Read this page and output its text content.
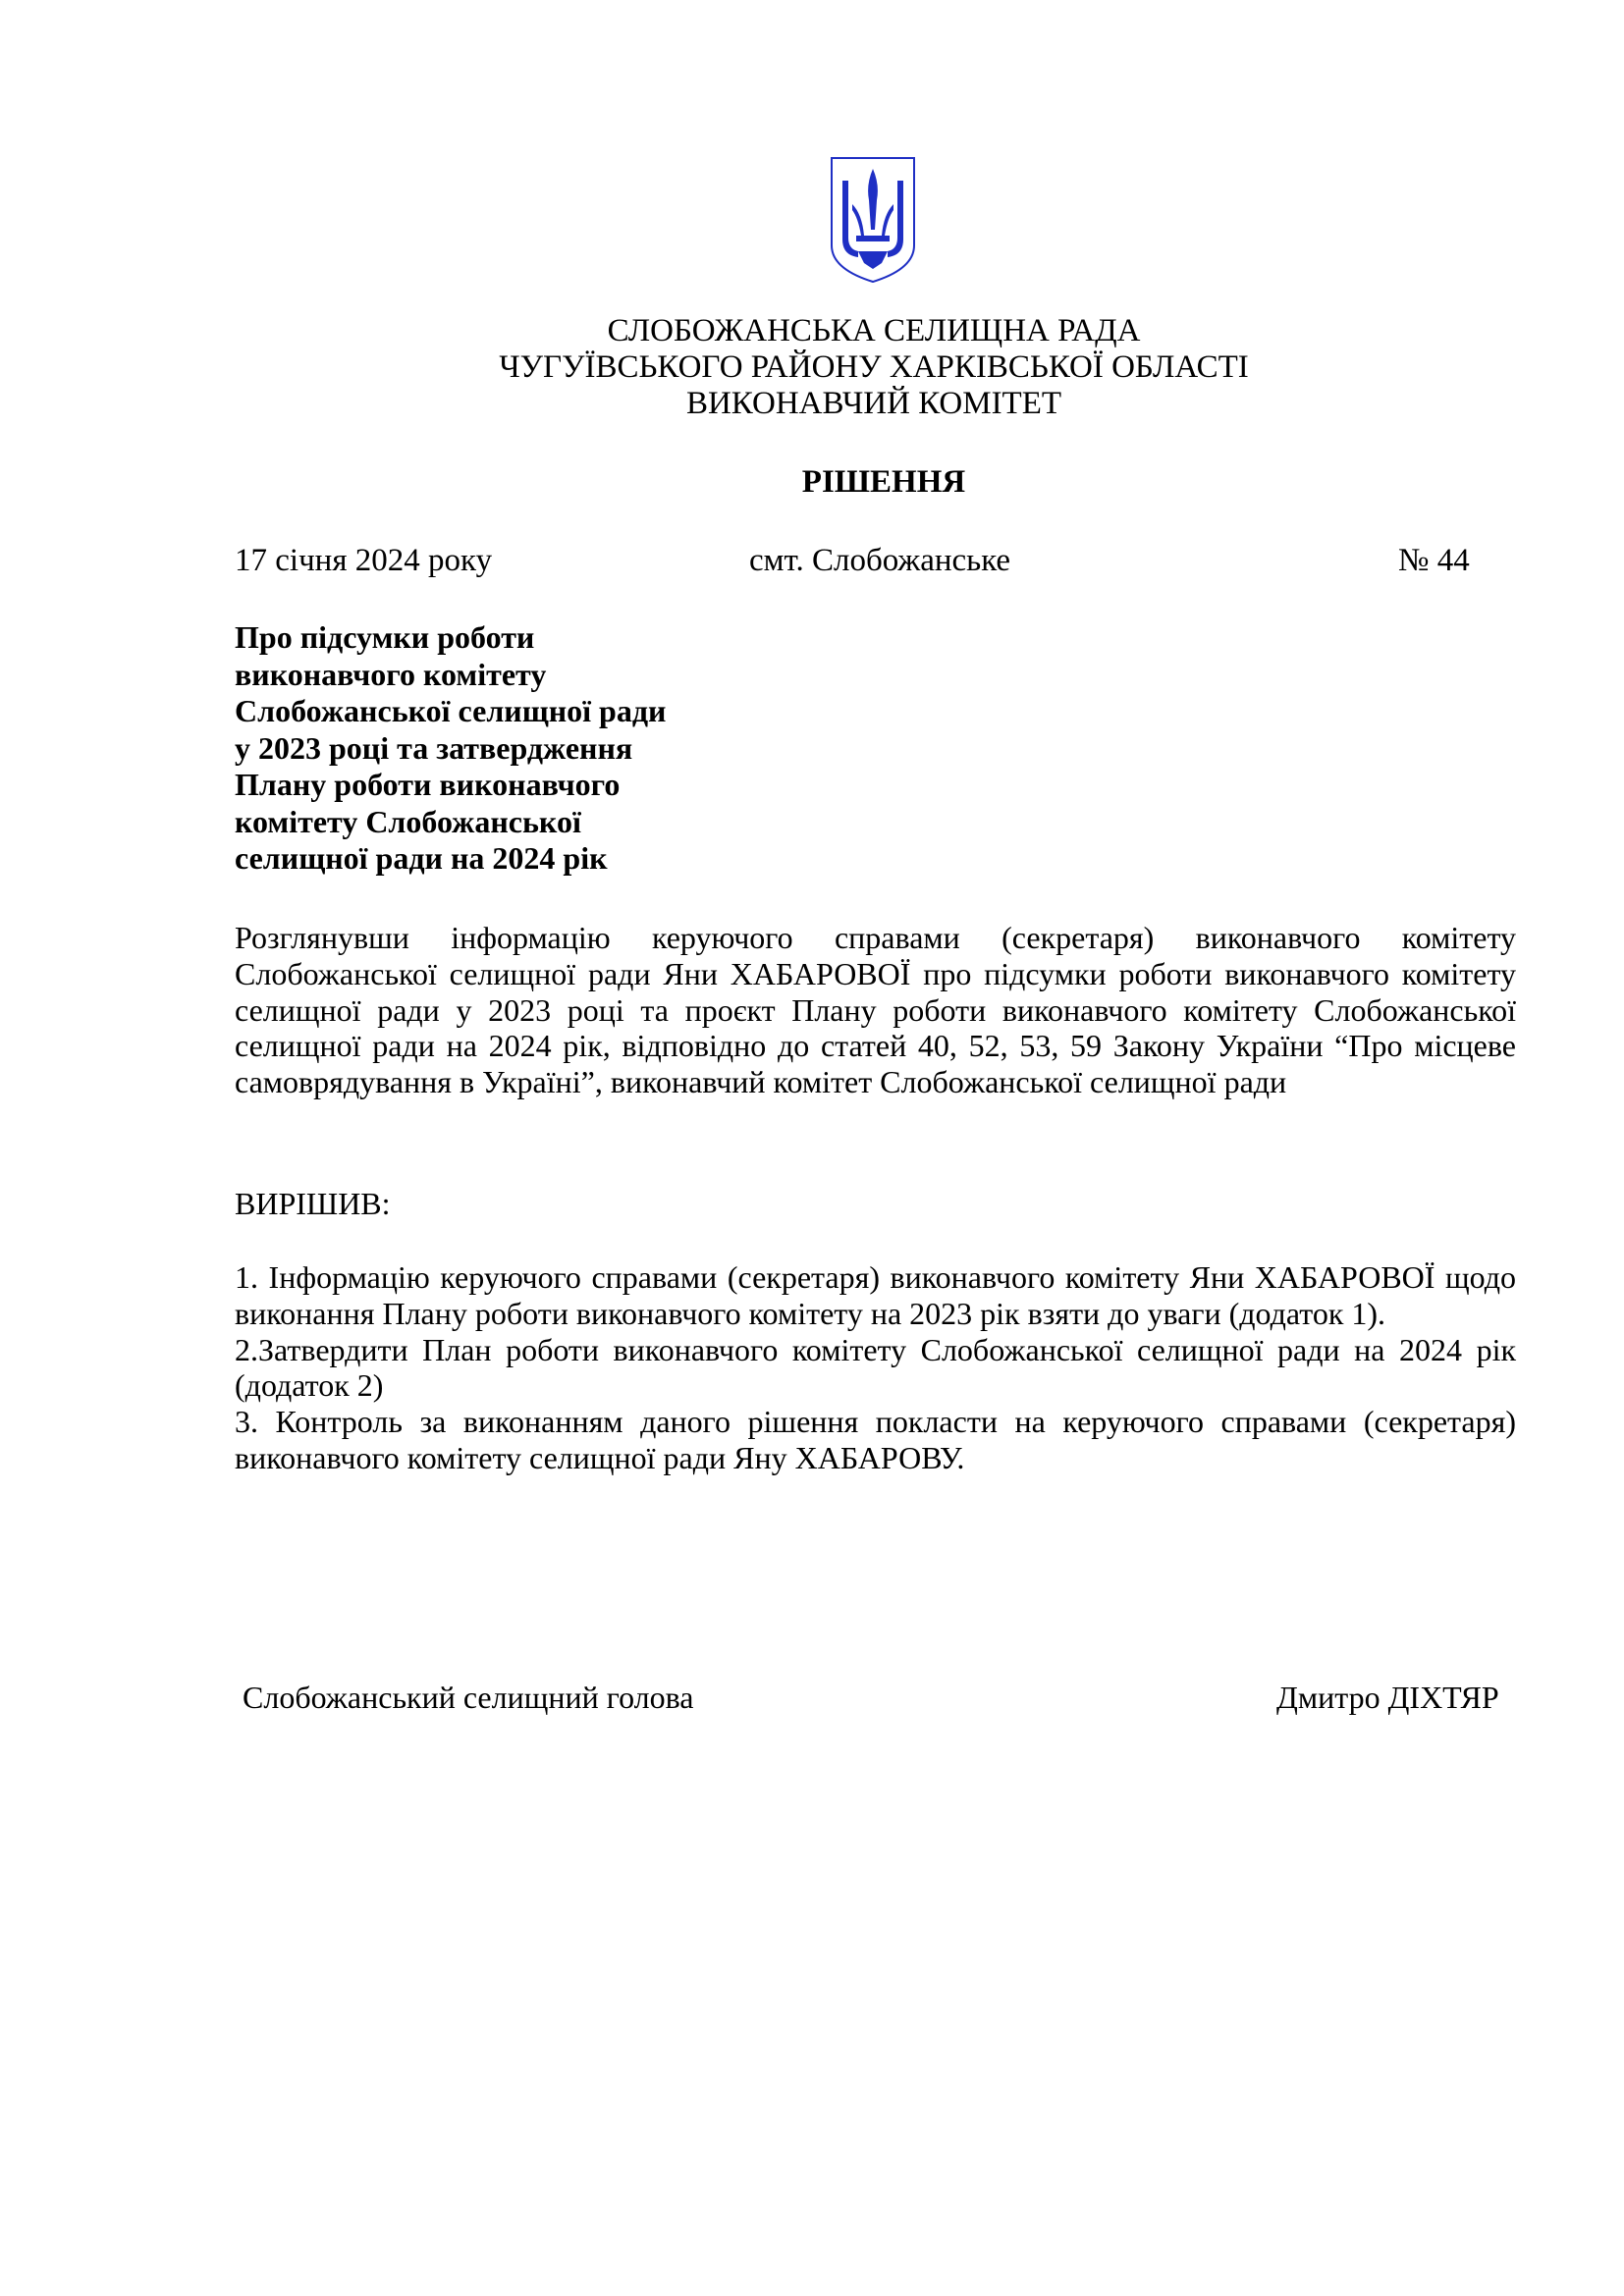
СЛОБОЖАНСЬКА СЕЛИЩНА РАДА
ЧУГУЇВСЬКОГО РАЙОНУ ХАРКІВСЬКОЇ ОБЛАСТІ
ВИКОНАВЧИЙ КОМІТЕТ
РІШЕННЯ
17 січня 2024 року	смт. Слобожанське	№ 44
Про підсумки роботи
виконавчого комітету
Слобожанської селищної ради
у 2023 році та затвердження
Плану роботи виконавчого
комітету Слобожанської
селищної ради на 2024 рік
Розглянувши інформацію керуючого справами (секретаря) виконавчого комітету Слобожанської селищної ради Яни ХАБАРОВОЇ про підсумки роботи виконавчого комітету селищної ради у 2023 році та проєкт Плану роботи виконавчого комітету Слобожанської селищної ради на 2024 рік, відповідно до статей 40, 52, 53, 59 Закону України “Про місцеве самоврядування в Україні”, виконавчий комітет Слобожанської селищної ради
ВИРІШИВ:

1. Інформацію керуючого справами (секретаря) виконавчого комітету Яни ХАБАРОВОЇ щодо виконання Плану роботи виконавчого комітету на 2023 рік взяти до уваги (додаток 1).

2.Затвердити План роботи виконавчого комітету Слобожанської селищної ради на 2024 рік (додаток 2)

3. Контроль за виконанням даного рішення покласти на керуючого справами (секретаря) виконавчого комітету селищної ради Яну ХАБАРОВУ.

Слобожанський селищний голова	Дмитро ДІХТЯР
